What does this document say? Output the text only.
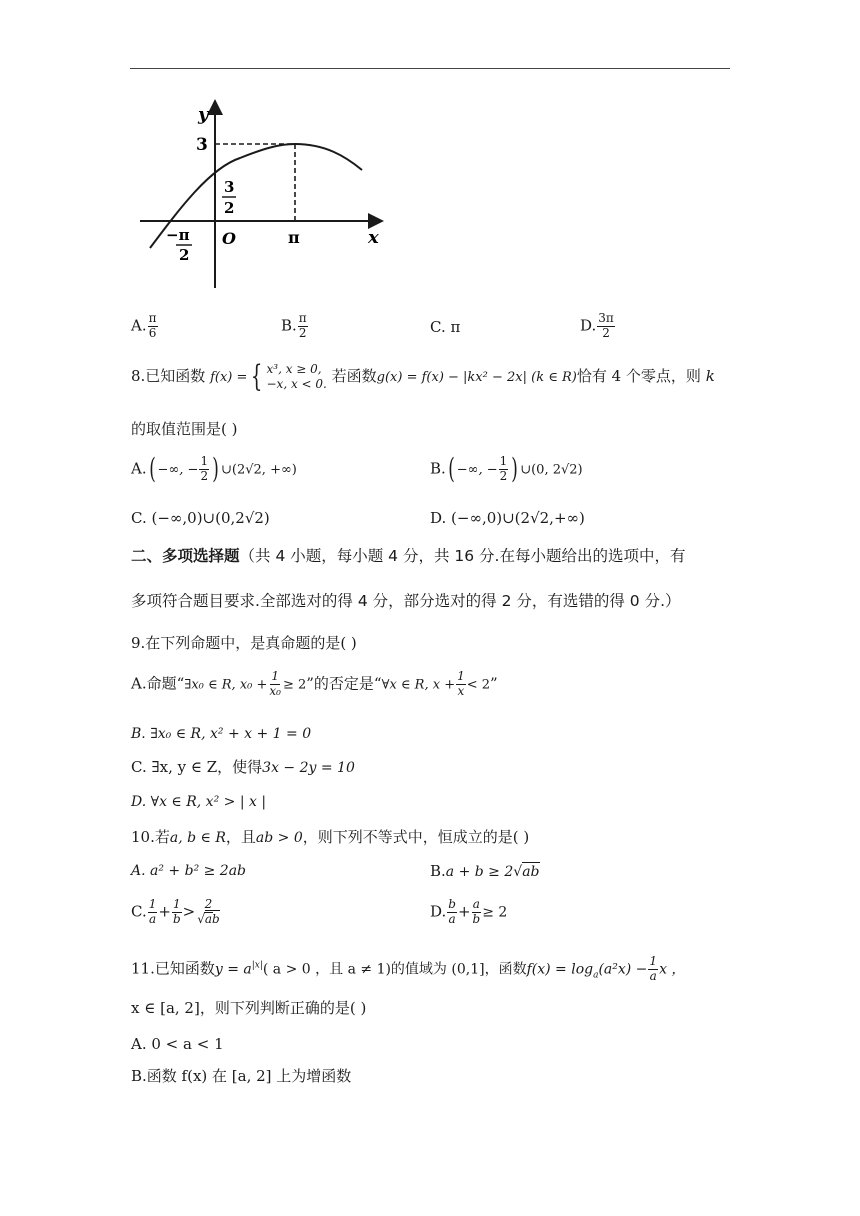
y
x
O
3
3
2
−π
2
π
A. $\frac{\pi}{6}$	B. $\frac{\pi}{2}$	C. π	D. $\frac{3\pi}{2}$
8.已知函数 f(x) = { x³, x ≥ 0,
−x, x < 0. 若函数g(x) = f(x) − |kx² − 2x| (k ∈ R)恰有 4 个零点，则 k
的取值范围是( )
A.( −∞, − $\frac{1}{2}$ ) ∪(2√2, +∞)	B.( −∞, − $\frac{1}{2}$ ) ∪(0, 2√2)
C. (−∞,0)∪(0,2√2)	D. (−∞,0)∪(2√2,+∞)
二、多项选择题（共 4 小题，每小题 4 分，共 16 分.在每小题给出的选项中，有
多项符合题目要求.全部选对的得 4 分，部分选对的得 2 分，有选错的得 0 分.）
9.在下列命题中，是真命题的是( )
A.命题“∃x₀ ∈ R, $x_0 + \frac{1}{\text{x₀}} \ge 2$”的否定是“∀x ∈ R, $x + \frac{1}{x} < 2$”
B. ∃x₀ ∈ R, x² + x + 1 = 0
C. ∃x, y ∈ Z，使得3x − 2y = 10
D. ∀x ∈ R, x² > | x |
10.若a, b ∈ R，且ab > 0，则下列不等式中，恒成立的是( )
A. a² + b² ≥ 2ab	B.a + b ≥ 2√ab
C. $\frac{1}{a} + \frac{1}{b} > \frac{2}{√ab}$	D. $\frac{b}{a} + \frac{a}{b} \ge 2$
11.已知函数$y = a^{|x|}$( a > 0 ，且 a ≠ 1)的值域为 (0,1]，函数$f(x) = \log_a(a^2x) - \frac{1}{a}$ x ，
x ∈ [a, 2]，则下列判断正确的是( )
A. 0 < a < 1
B.函数 f(x) 在 [a, 2] 上为增函数
